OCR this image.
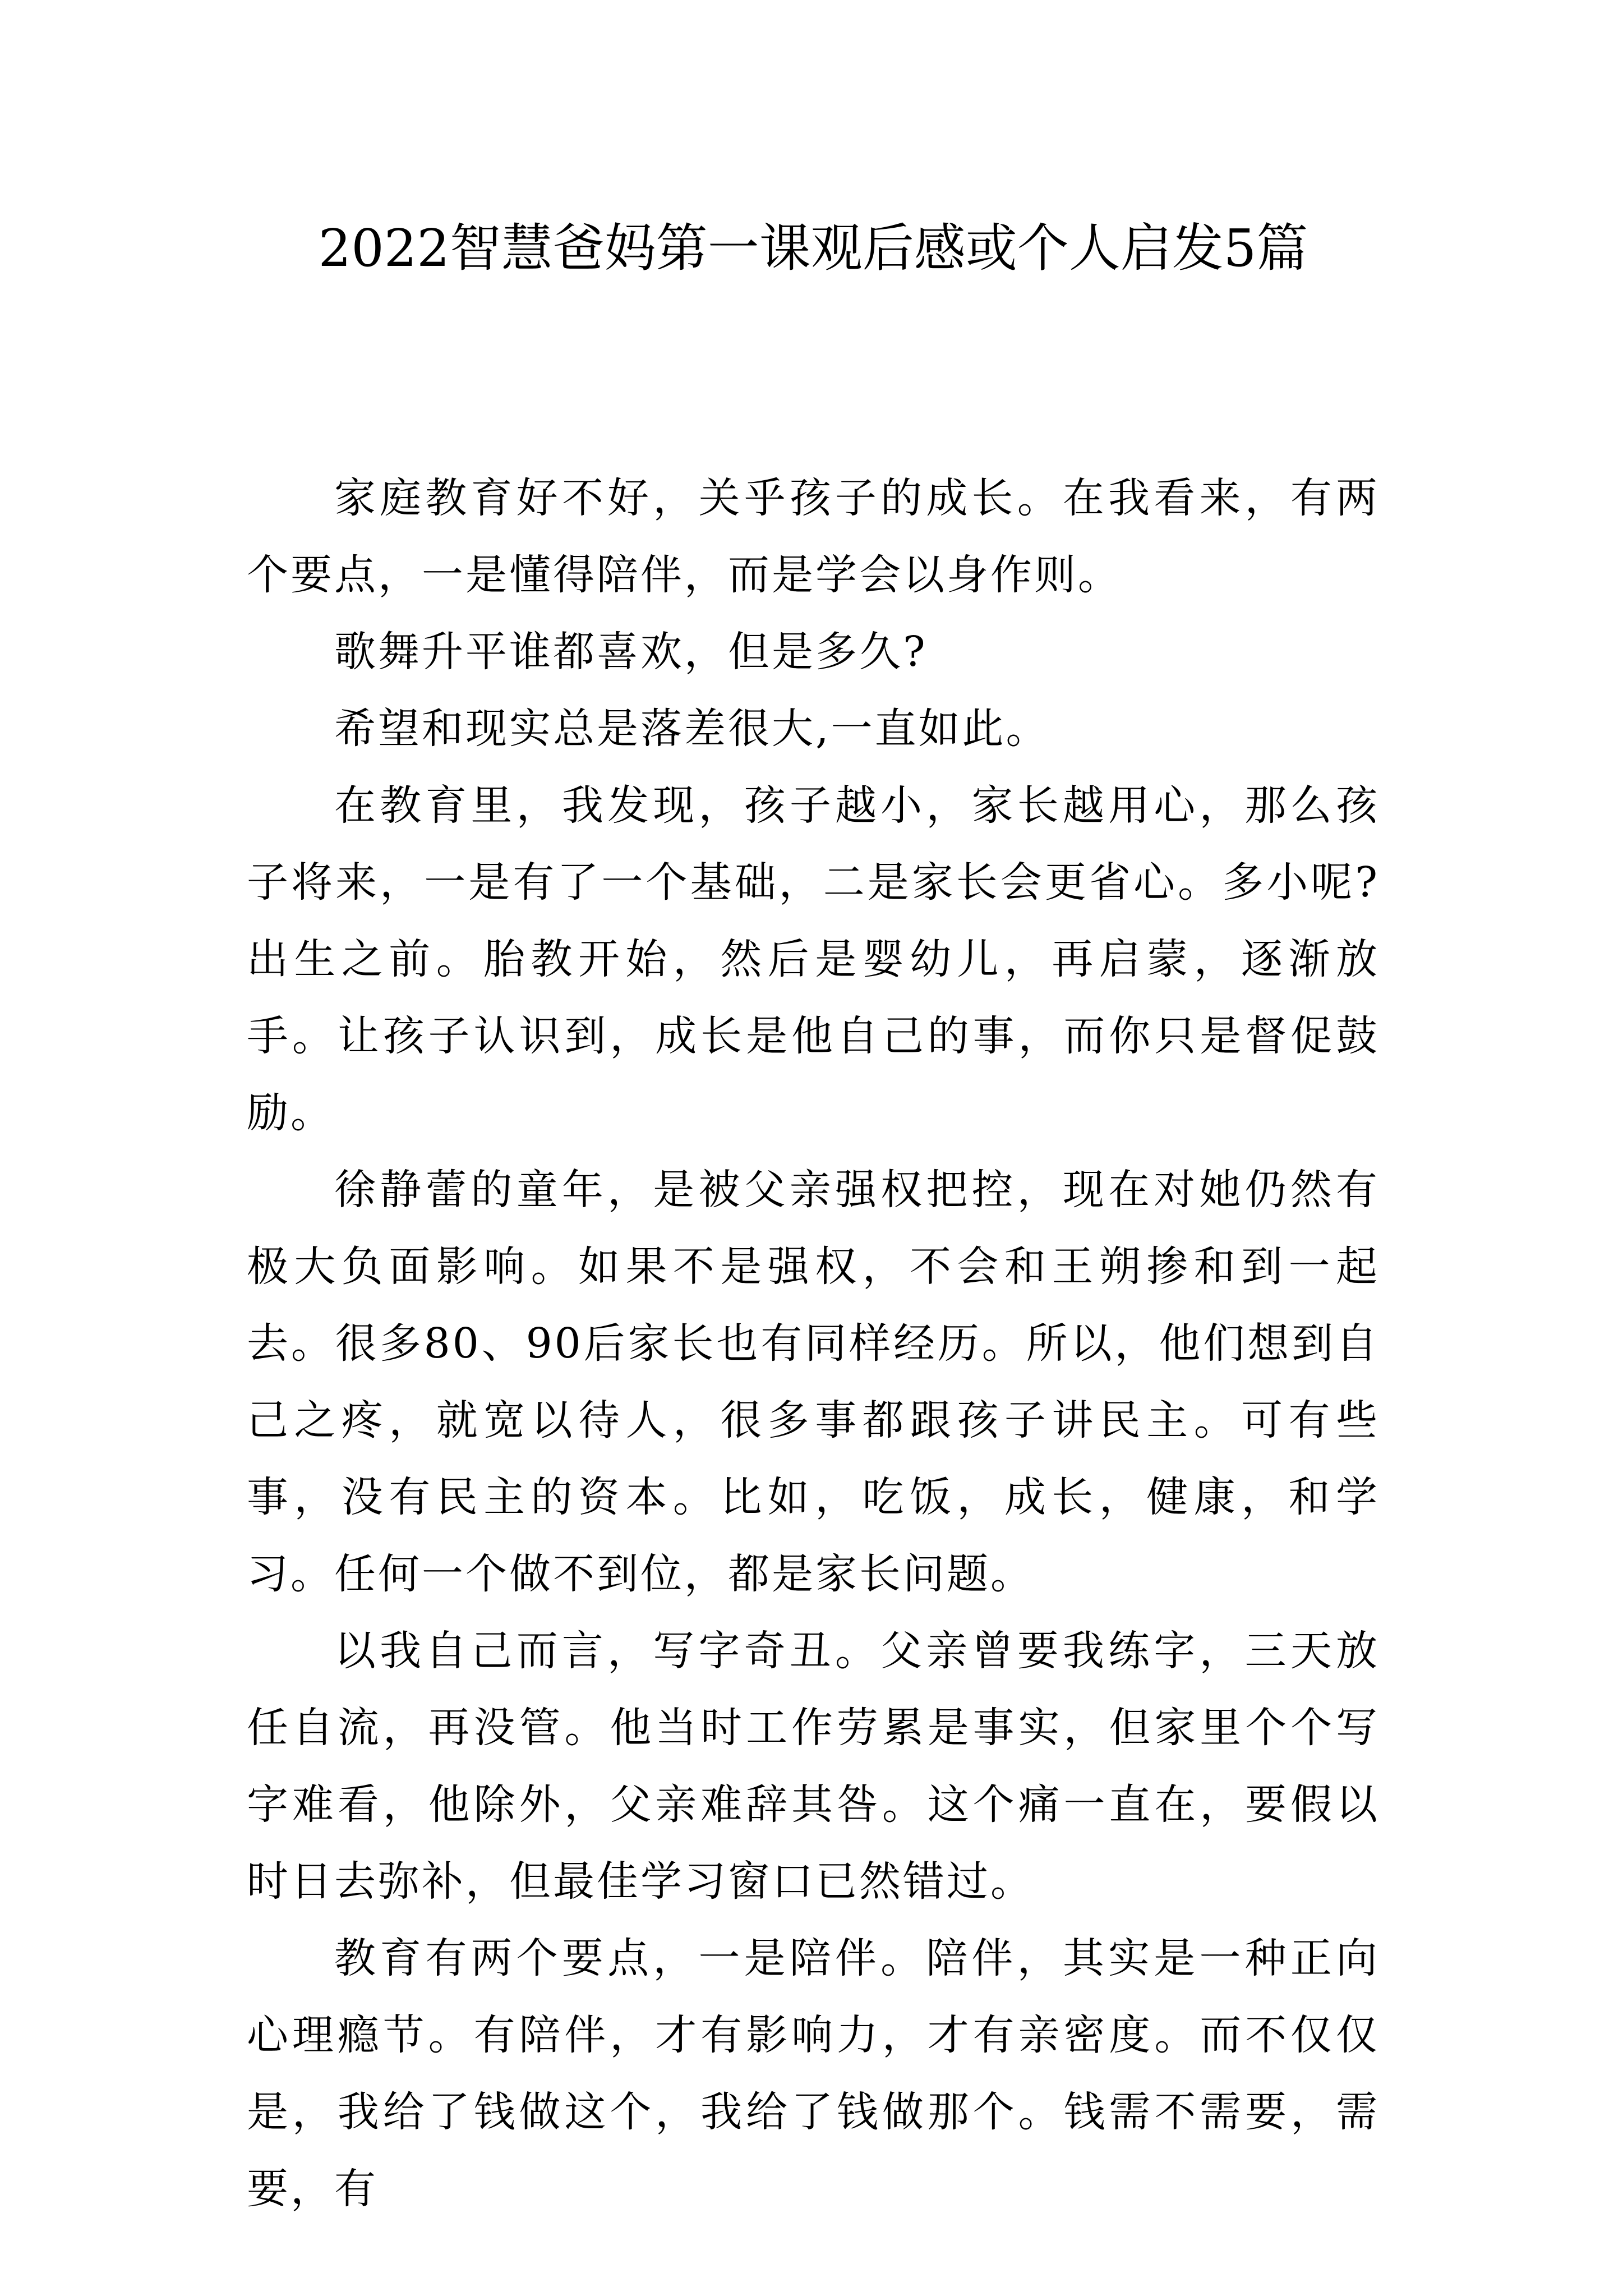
2022智慧爸妈第一课观后感或个人启发5篇

家庭教育好不好，关乎孩子的成长。在我看来，有两个要点，一是懂得陪伴，而是学会以身作则。

歌舞升平谁都喜欢，但是多久?

希望和现实总是落差很大,一直如此。

在教育里，我发现，孩子越小，家长越用心，那么孩子将来，一是有了一个基础，二是家长会更省心。多小呢?出生之前。胎教开始，然后是婴幼儿，再启蒙，逐渐放手。让孩子认识到，成长是他自己的事，而你只是督促鼓励。

徐静蕾的童年，是被父亲强权把控，现在对她仍然有极大负面影响。如果不是强权，不会和王朔掺和到一起去。很多80、90后家长也有同样经历。所以，他们想到自己之疼，就宽以待人，很多事都跟孩子讲民主。可有些事，没有民主的资本。比如，吃饭，成长，健康，和学习。任何一个做不到位，都是家长问题。

以我自己而言，写字奇丑。父亲曾要我练字，三天放任自流，再没管。他当时工作劳累是事实，但家里个个写字难看，他除外，父亲难辞其咎。这个痛一直在，要假以时日去弥补，但最佳学习窗口已然错过。

教育有两个要点，一是陪伴。陪伴，其实是一种正向心理瘾节。有陪伴，才有影响力，才有亲密度。而不仅仅是，我给了钱做这个，我给了钱做那个。钱需不需要，需要，有
